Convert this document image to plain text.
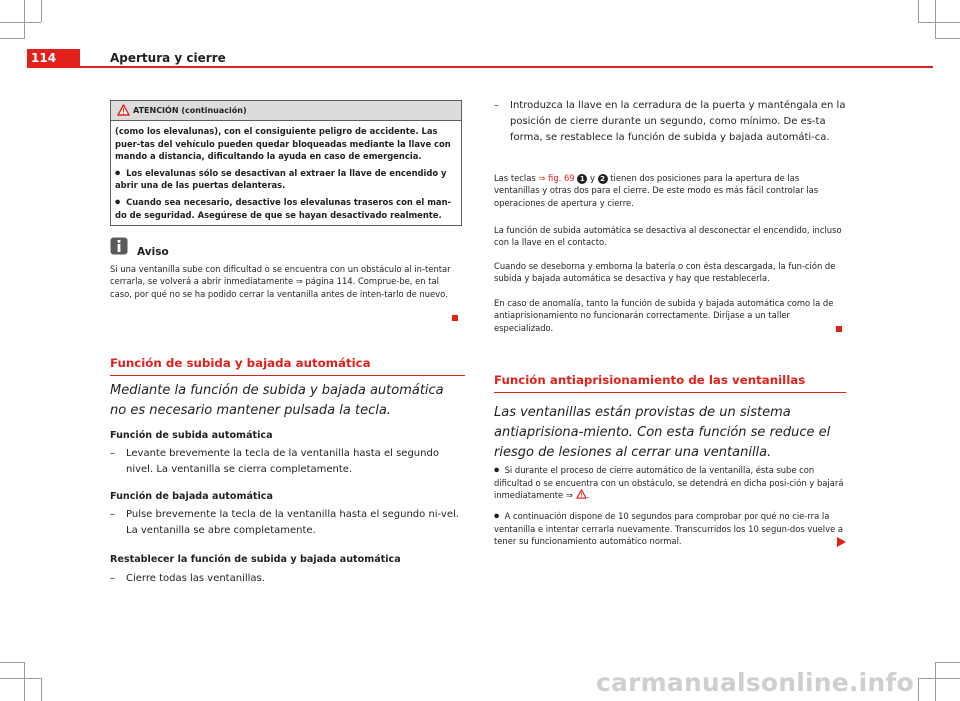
114	Apertura y cierre
ATENCIÓN (continuación)

(como los elevalunas), con el consiguiente peligro de accidente. Las puer-tas del vehículo pueden quedar bloqueadas mediante la llave con mando a distancia, dificultando la ayuda en caso de emergencia.

● Los elevalunas sólo se desactivan al extraer la llave de encendido y abrir una de las puertas delanteras.

● Cuando sea necesario, desactive los elevalunas traseros con el man-do de seguridad. Asegúrese de que se hayan desactivado realmente.

Aviso
Si una ventanilla sube con dificultad o se encuentra con un obstáculo al in-tentar cerrarla, se volverá a abrir inmediatamente ⇒ página 114. Comprue-be, en tal caso, por qué no se ha podido cerrar la ventanilla antes de inten-tarlo de nuevo.
Función de subida y bajada automática
Mediante la función de subida y bajada automática no es necesario mantener pulsada la tecla.
Función de subida automática
– Levante brevemente la tecla de la ventanilla hasta el segundo nivel. La ventanilla se cierra completamente.
Función de bajada automática
– Pulse brevemente la tecla de la ventanilla hasta el segundo ni-vel. La ventanilla se abre completamente.
Restablecer la función de subida y bajada automática
– Cierre todas las ventanillas.
– Introduzca la llave en la cerradura de la puerta y manténgala en la posición de cierre durante un segundo, como mínimo. De es-ta forma, se restablece la función de subida y bajada automáti-ca.
Las teclas ⇒ fig. 69 1 y 2 tienen dos posiciones para la apertura de las ventanillas y otras dos para el cierre. De este modo es más fácil controlar las operaciones de apertura y cierre.
La función de subida automática se desactiva al desconectar el encendido, incluso con la llave en el contacto.
Cuando se deseborna y emborna la batería o con ésta descargada, la fun-ción de subida y bajada automática se desactiva y hay que restablecerla.
En caso de anomalía, tanto la función de subida y bajada automática como la de antiaprisionamiento no funcionarán correctamente. Diríjase a un taller especializado.
Función antiaprisionamiento de las ventanillas
Las ventanillas están provistas de un sistema antiaprisiona-miento. Con esta función se reduce el riesgo de lesiones al cerrar una ventanilla.
● Si durante el proceso de cierre automático de la ventanilla, ésta sube con dificultad o se encuentra con un obstáculo, se detendrá en dicha posi-ción y bajará inmediatamente ⇒ .
● A continuación dispone de 10 segundos para comprobar por qué no cie-rra la ventanilla e intentar cerrarla nuevamente. Transcurridos los 10 segun-dos vuelve a tener su funcionamiento automático normal.
carmanualsonline.info
